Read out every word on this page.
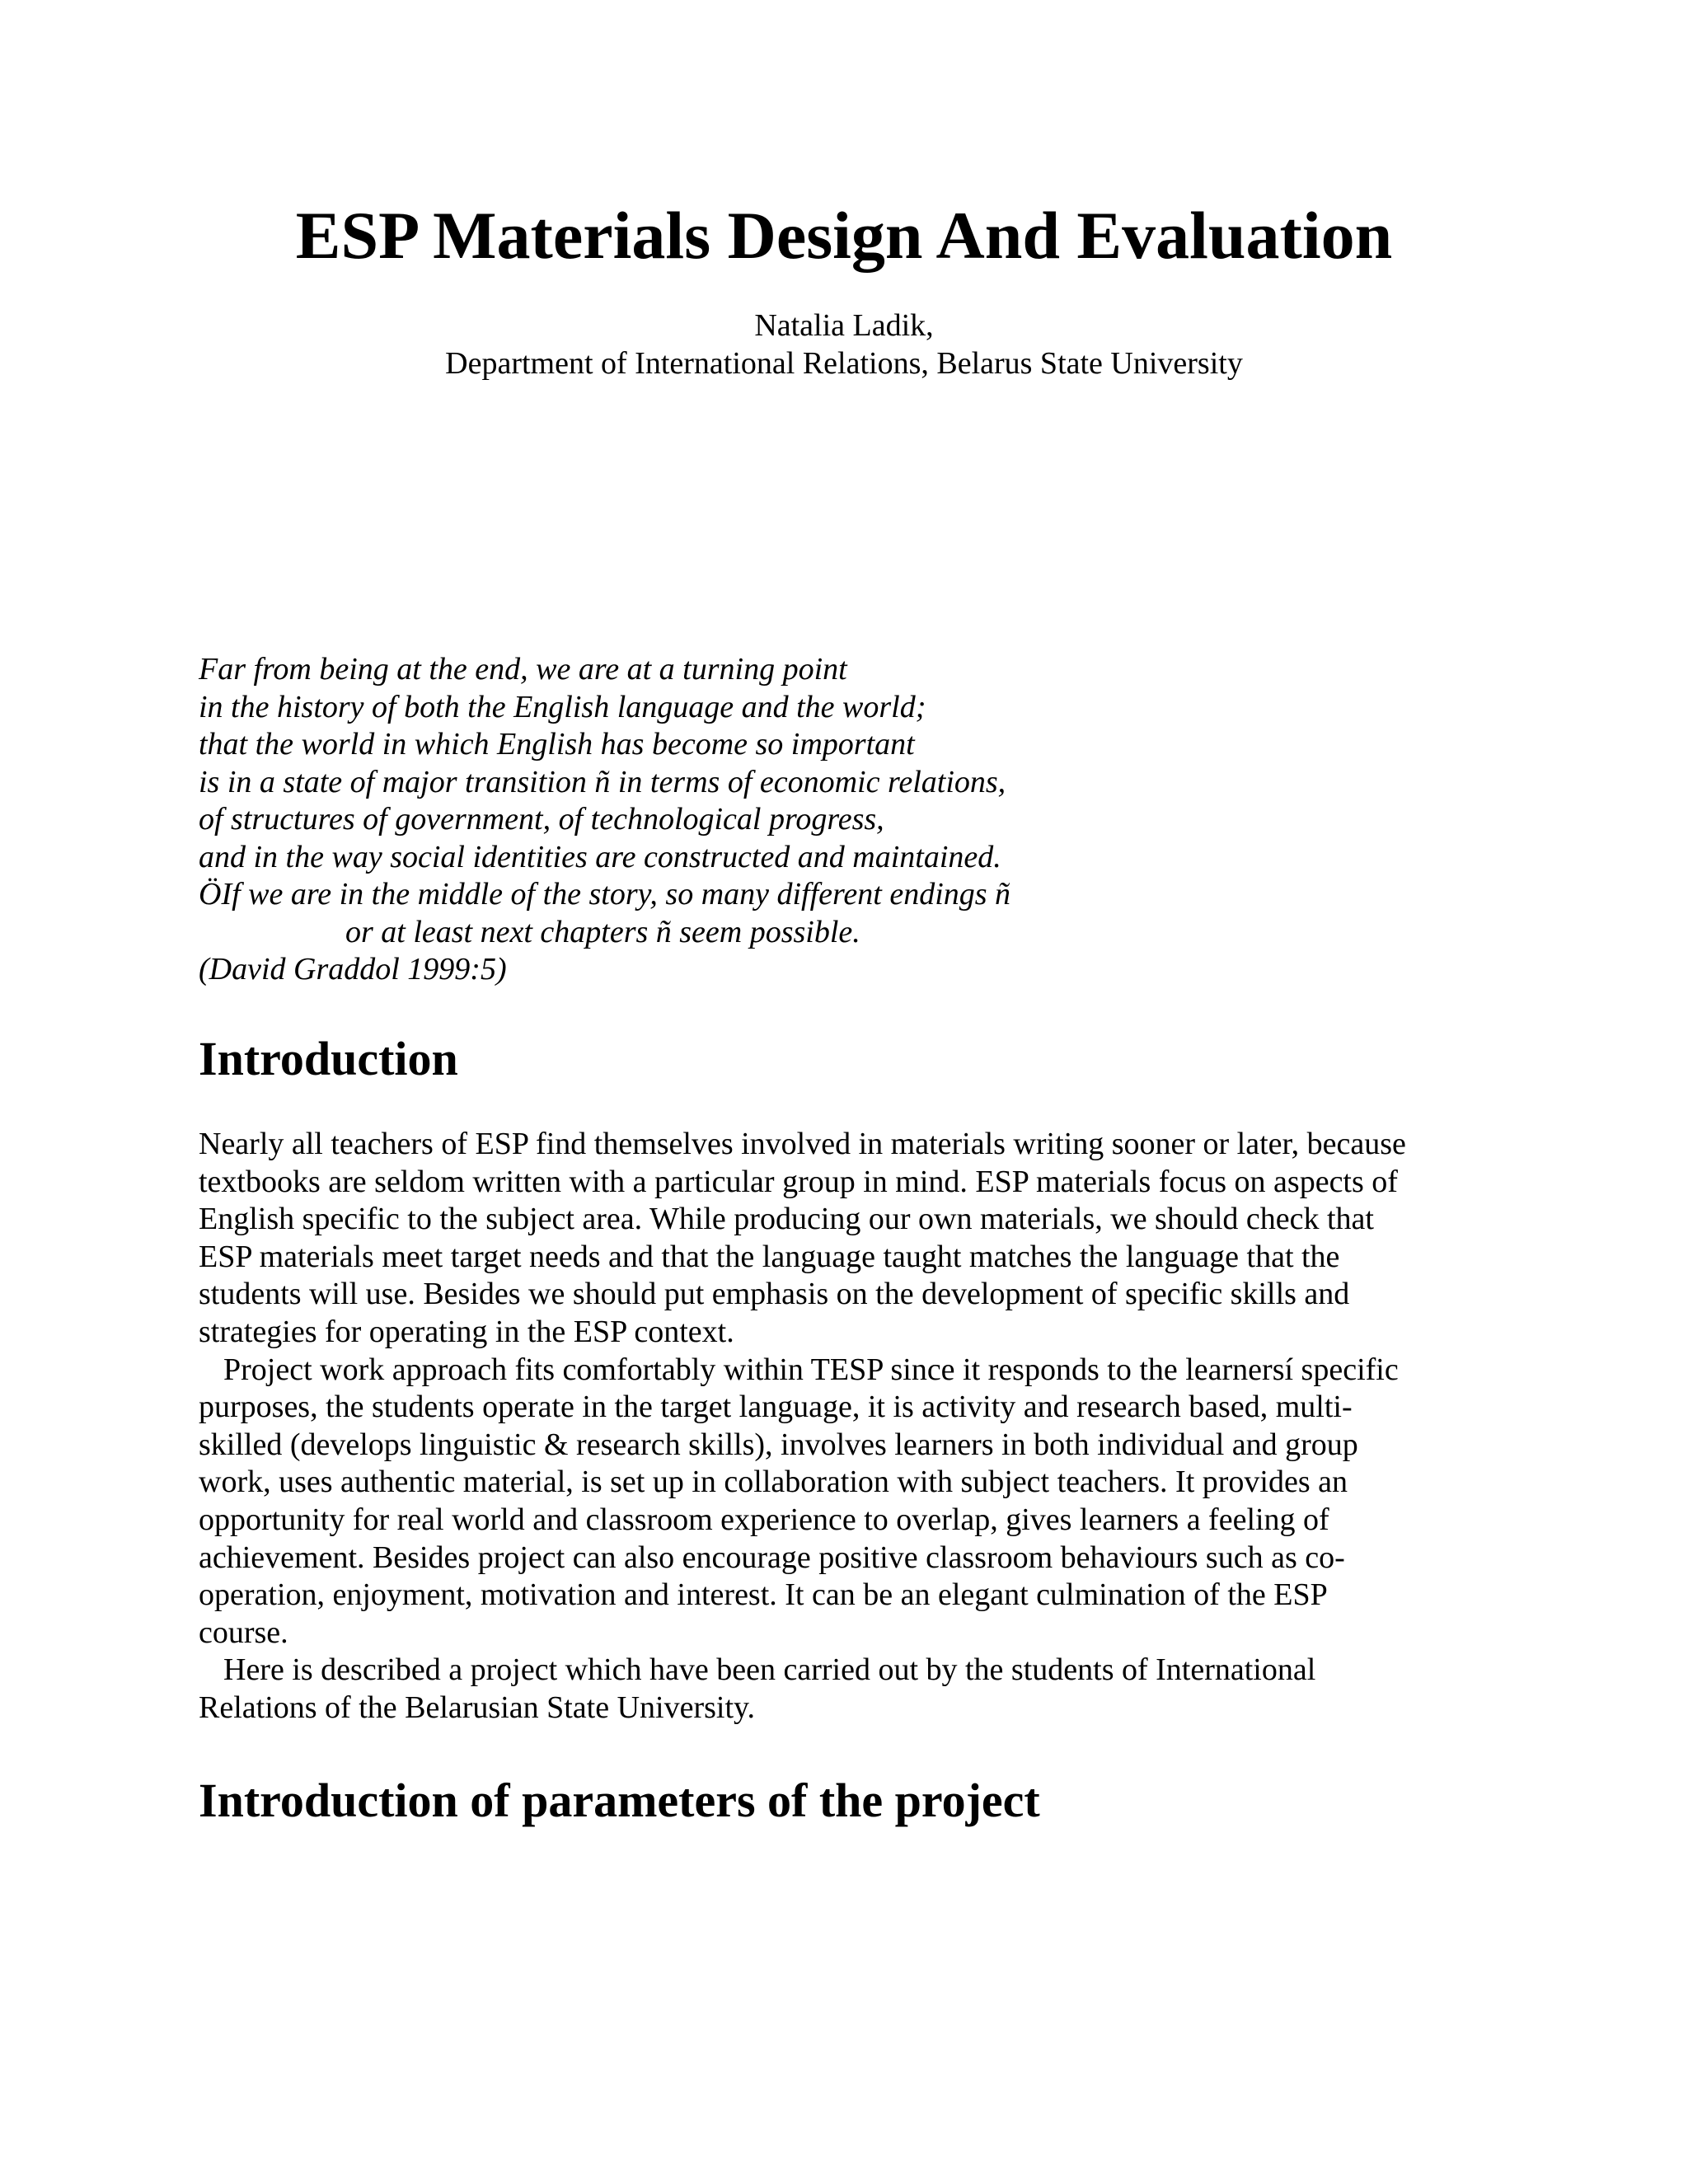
ESP Materials Design And Evaluation
Natalia Ladik,
Department of International Relations, Belarus State University
Far from being at the end, we are at a turning point
in the history of both the English language and the world;
that the world in which English has become so important
is in a state of major transition ñ in terms of economic relations,
of structures of government, of technological progress,
and in the way social identities are constructed and maintained.
ÖIf we are in the middle of the story, so many different endings ñ
or at least next chapters ñ seem possible.
(David Graddol 1999:5)
Introduction
Nearly all teachers of ESP find themselves involved in materials writing sooner or later, because
textbooks are seldom written with a particular group in mind. ESP materials focus on aspects of
English specific to the subject area. While producing our own materials, we should check that
ESP materials meet target needs and that the language taught matches the language that the
students will use. Besides we should put emphasis on the development of specific skills and
strategies for operating in the ESP context.
Project work approach fits comfortably within TESP since it responds to the learnersí specific
purposes, the students operate in the target language, it is activity and research based, multi-
skilled (develops linguistic & research skills), involves learners in both individual and group
work, uses authentic material, is set up in collaboration with subject teachers. It provides an
opportunity for real world and classroom experience to overlap, gives learners a feeling of
achievement. Besides project can also encourage positive classroom behaviours such as co-
operation, enjoyment, motivation and interest. It can be an elegant culmination of the ESP
course.
Here is described a project which have been carried out by the students of International
Relations of the Belarusian State University.
Introduction of parameters of the project
